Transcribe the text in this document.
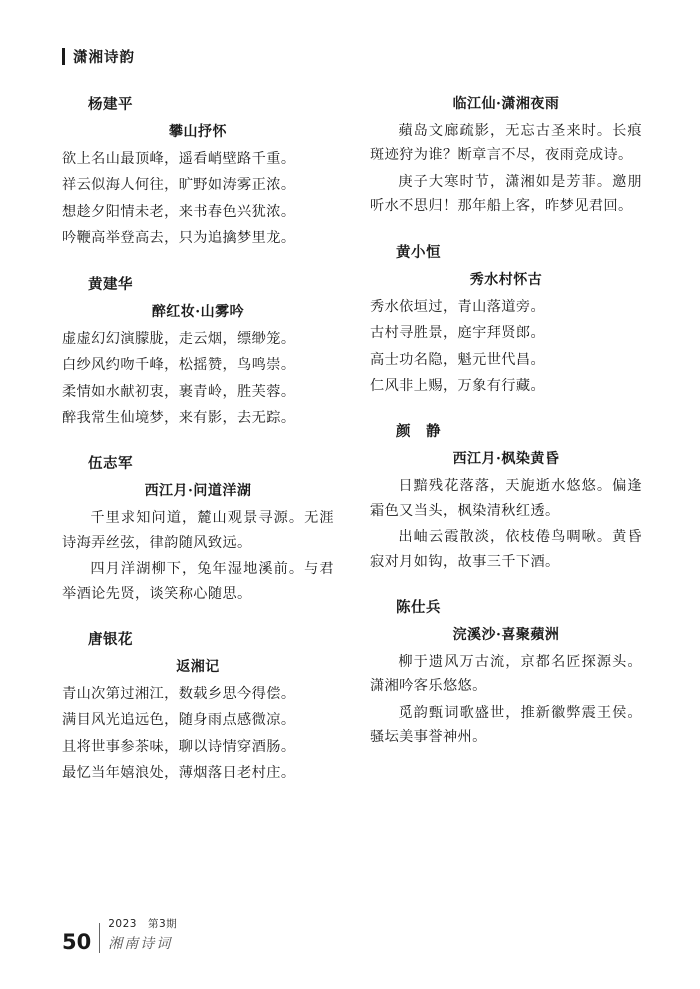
潇湘诗韵
杨建平
攀山抒怀

欲上名山最顶峰，遥看峭壁路千重。

祥云似海人何往，旷野如涛雾正浓。

想趁夕阳情未老，来书春色兴犹浓。

吟鞭高举登高去，只为追擒梦里龙。

黄建华
醉红妆·山雾吟

虚虚幻幻演朦胧，走云烟，缥缈笼。

白纱风约吻千峰，松摇赞，鸟鸣崇。

柔情如水献初衷，裹青岭，胜芙蓉。

醉我常生仙境梦，来有影，去无踪。

伍志军
西江月·问道洋湖

千里求知问道，麓山观景寻源。无涯诗海弄丝弦，律韵随风致远。

四月洋湖柳下，兔年湿地溪前。与君举酒论先贤，谈笑称心随思。

唐银花
返湘记

青山次第过湘江，数载乡思今得偿。

满目风光追远色，随身雨点感微凉。

且将世事参茶味，聊以诗情穿酒肠。

最忆当年嬉浪处，薄烟落日老村庄。

临江仙·潇湘夜雨

蘋岛文廊疏影，无忘古圣来时。长痕斑迹狩为谁？断章言不尽，夜雨竞成诗。

庚子大寒时节，潇湘如是芳菲。邀朋听水不思归！那年船上客，昨梦见君回。

黄小恒
秀水村怀古

秀水依垣过，青山落道旁。

古村寻胜景，庭宇拜贤郎。

高士功名隐，魁元世代昌。

仁风非上赐，万象有行藏。

颜　静
西江月·枫染黄昏

日黯残花落落，天旎逝水悠悠。偏逢霜色又当头，枫染清秋红透。

出岫云霞散淡，依枝倦鸟啁啾。黄昏寂对月如钩，故事三千下酒。

陈仕兵
浣溪沙·喜聚蘋洲

柳于遗风万古流，京都名匠探源头。潇湘吟客乐悠悠。

觅韵甄词歌盛世，推新徽弊震王侯。骚坛美事誉神州。

50
2023　第3期
湘南诗词
